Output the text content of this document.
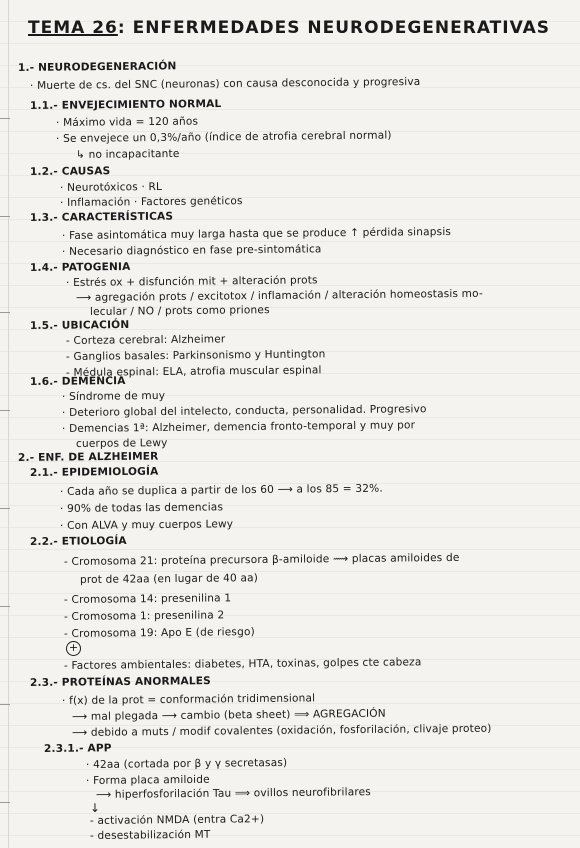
TEMA 26: ENFERMEDADES NEURODEGENERATIVAS
1.- NEURODEGENERACIÓN
· Muerte de cs. del SNC (neuronas) con causa desconocida y progresiva
1.1.- ENVEJECIMIENTO NORMAL
· Máximo vida = 120 años
· Se envejece un 0,3%/año (índice de atrofia cerebral normal)
↳ no incapacitante
1.2.- CAUSAS
· Neurotóxicos · RL
· Inflamación · Factores genéticos
1.3.- CARACTERÍSTICAS
· Fase asintomática muy larga hasta que se produce ↑ pérdida sinapsis
· Necesario diagnóstico en fase pre-sintomática
1.4.- PATOGENIA
· Estrés ox + disfunción mit + alteración prots
⟶ agregación prots / excitotox / inflamación / alteración homeostasis mo-
lecular / NO / prots como priones
1.5.- UBICACIÓN
- Corteza cerebral: Alzheimer
- Ganglios basales: Parkinsonismo y Huntington
- Médula espinal: ELA, atrofia muscular espinal
1.6.- DEMENCIA
· Síndrome de muy
· Deterioro global del intelecto, conducta, personalidad. Progresivo
· Demencias 1ª: Alzheimer, demencia fronto-temporal y muy por
cuerpos de Lewy
2.- ENF. DE ALZHEIMER
2.1.- EPIDEMIOLOGÍA
· Cada año se duplica a partir de los 60 ⟶ a los 85 = 32%.
· 90% de todas las demencias
· Con ALVA y muy cuerpos Lewy
2.2.- ETIOLOGÍA
- Cromosoma 21: proteína precursora β-amiloide ⟿ placas amiloides de
prot de 42aa (en lugar de 40 aa)
- Cromosoma 14: presenilina 1
- Cromosoma 1: presenilina 2
- Cromosoma 19: Apo E (de riesgo)
+
- Factores ambientales: diabetes, HTA, toxinas, golpes cte cabeza
2.3.- PROTEÍNAS ANORMALES
· f(x) de la prot = conformación tridimensional
⟶ mal plegada ⟶ cambio (beta sheet) ⟹ AGREGACIÓN
⟶ debido a muts / modif covalentes (oxidación, fosforilación, clivaje proteo)
2.3.1.- APP
· 42aa (cortada por β y γ secretasas)
· Forma placa amiloide
⟶ hiperfosforilación Tau ⟹ ovillos neurofibrilares
↓
- activación NMDA (entra Ca2+)
- desestabilización MT
